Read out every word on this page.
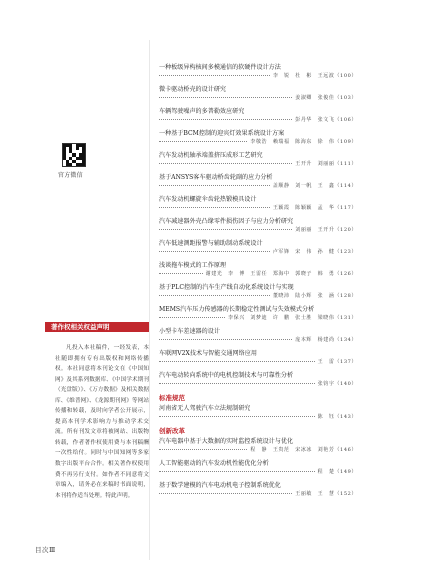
官方微信
著作权相关权益声明

凡投入本社稿件，一经发表，本社随即拥有专有出版权和网络传播权。本社同意将本刊论文在《中国知网》及其系列数据库、《中国学术期刊（光盘版）》、《万方数据》及相关数据库、《维普网》、《龙源期刊网》等网站传播和转载，及时向学者公开展示，提高本刊学术影响力与推动学术交流。所有刊发文章将被网站、出版物转载，作者著作权使用费与本刊稿酬一次性给付。同时与中国知网等多家数字出版平台合作。相关著作权使用费不再另行支付。如作者不同意将文章编入，请务必在来稿时书面说明，本刊将作适当处理。特此声明。

目次Ⅲ
一种板级异构核间多模通信的软硬件设计方法
李　锐　杜　彬　王远波（100）
微卡驱动桥壳的设计研究
姜淑卿　张俊佳（103）
车辆驾驶噪声的多普勒效应研究
彭丹华　张文飞（106）
一种基于BCM控制的迎宾灯效果系统设计方案
李敬浩　赖瑞福　陈海东　徐　伟（109）
汽车发动机轴承端盖挤压成形工艺研究
王开升　刘丽丽（111）
基于ANSYS客车驱动桥齿轮副的应力分析
盖顺静　刘一帆　王　鑫（114）
汽车发动机螺旋伞齿轮热锻模具设计
王颖霞　陈颖颖　孟　华（117）
汽车减速器外壳凸缘零件损伤因子与应力分析研究
刘丽丽　王开升（120）
汽车低速测距报警与辅助制动系统设计
卢军锋　宋　伟　孙　健（123）
浅谈拖车模式的工作原理
谢建光　李　博　王雷任　郑海中　郭晓子　韩　勇（126）
基于PLC控制的汽车生产线自动化系统设计与实现
董晓沛　陆小辉　张　涵（128）
MEMS汽车压力传感器的长期稳定性测试与失效模式分析
李保兴　刘梦迪　许　鹏　张士胜　梁晓伟（131）
小型卡车差速器的设计
庞本辉　杨建尚（134）
车联网V2X技术与智能交通网络应用
王　雷（137）
汽车电动转向系统中的电机控制技术与可靠性分析
张钧宇（140）
标准规范
河南省无人驾驶汽车立法规制研究
陈　钰（143）
创新改革
汽车电器中基于大数据的实时监控系统设计与优化
程　静　王贵范　宋冰冰　刘艳芳（146）
人工智能驱动的汽车发动机性能优化分析
程　楚（149）
基于数学建模的汽车电动机电子控制系统优化
王丽敏　王　慧（152）
